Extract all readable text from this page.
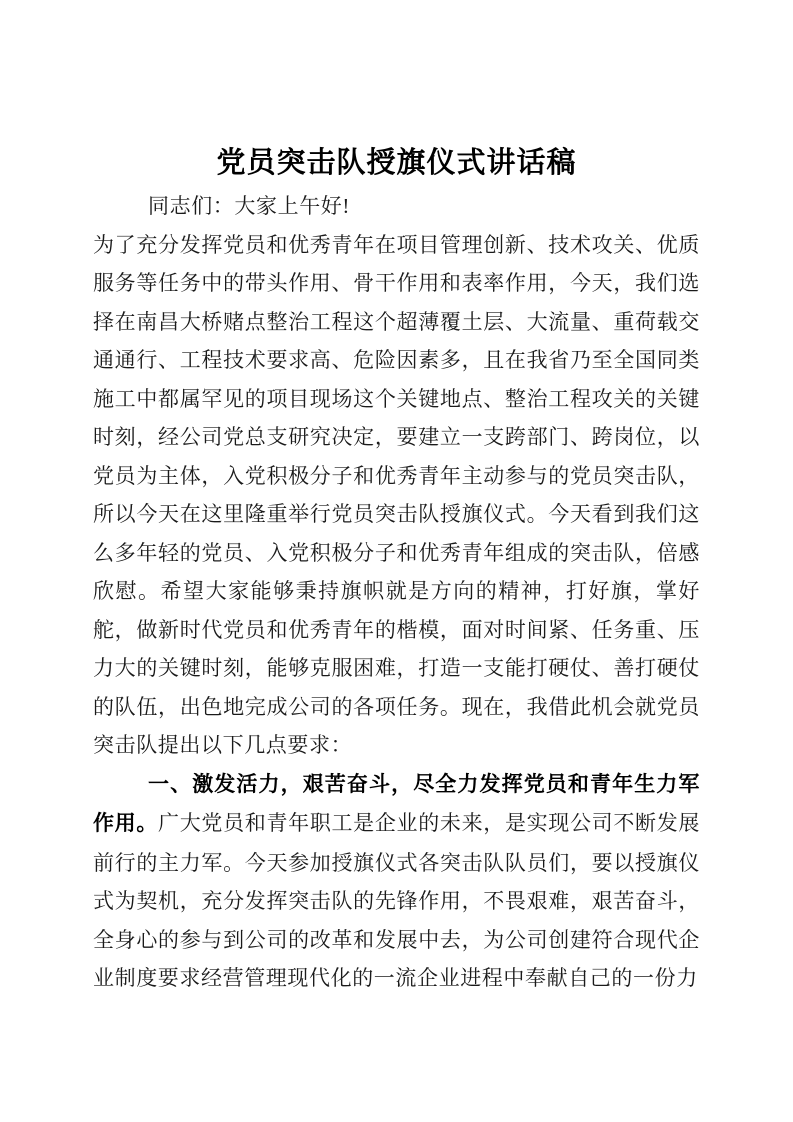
党员突击队授旗仪式讲话稿

同志们：大家上午好!

为了充分发挥党员和优秀青年在项目管理创新、技术攻关、优质服务等任务中的带头作用、骨干作用和表率作用，今天，我们选择在南昌大桥赌点整治工程这个超薄覆土层、大流量、重荷载交通通行、工程技术要求高、危险因素多，且在我省乃至全国同类施工中都属罕见的项目现场这个关键地点、整治工程攻关的关键时刻，经公司党总支研究决定，要建立一支跨部门、跨岗位，以党员为主体，入党积极分子和优秀青年主动参与的党员突击队，所以今天在这里隆重举行党员突击队授旗仪式。今天看到我们这么多年轻的党员、入党积极分子和优秀青年组成的突击队，倍感欣慰。希望大家能够秉持旗帜就是方向的精神，打好旗，掌好舵，做新时代党员和优秀青年的楷模，面对时间紧、任务重、压力大的关键时刻，能够克服困难，打造一支能打硬仗、善打硬仗的队伍，出色地完成公司的各项任务。现在，我借此机会就党员突击队提出以下几点要求：

一、激发活力，艰苦奋斗，尽全力发挥党员和青年生力军作用。广大党员和青年职工是企业的未来，是实现公司不断发展前行的主力军。今天参加授旗仪式各突击队队员们，要以授旗仪式为契机，充分发挥突击队的先锋作用，不畏艰难，艰苦奋斗，全身心的参与到公司的改革和发展中去，为公司创建符合现代企业制度要求经营管理现代化的一流企业进程中奉献自己的一份力
